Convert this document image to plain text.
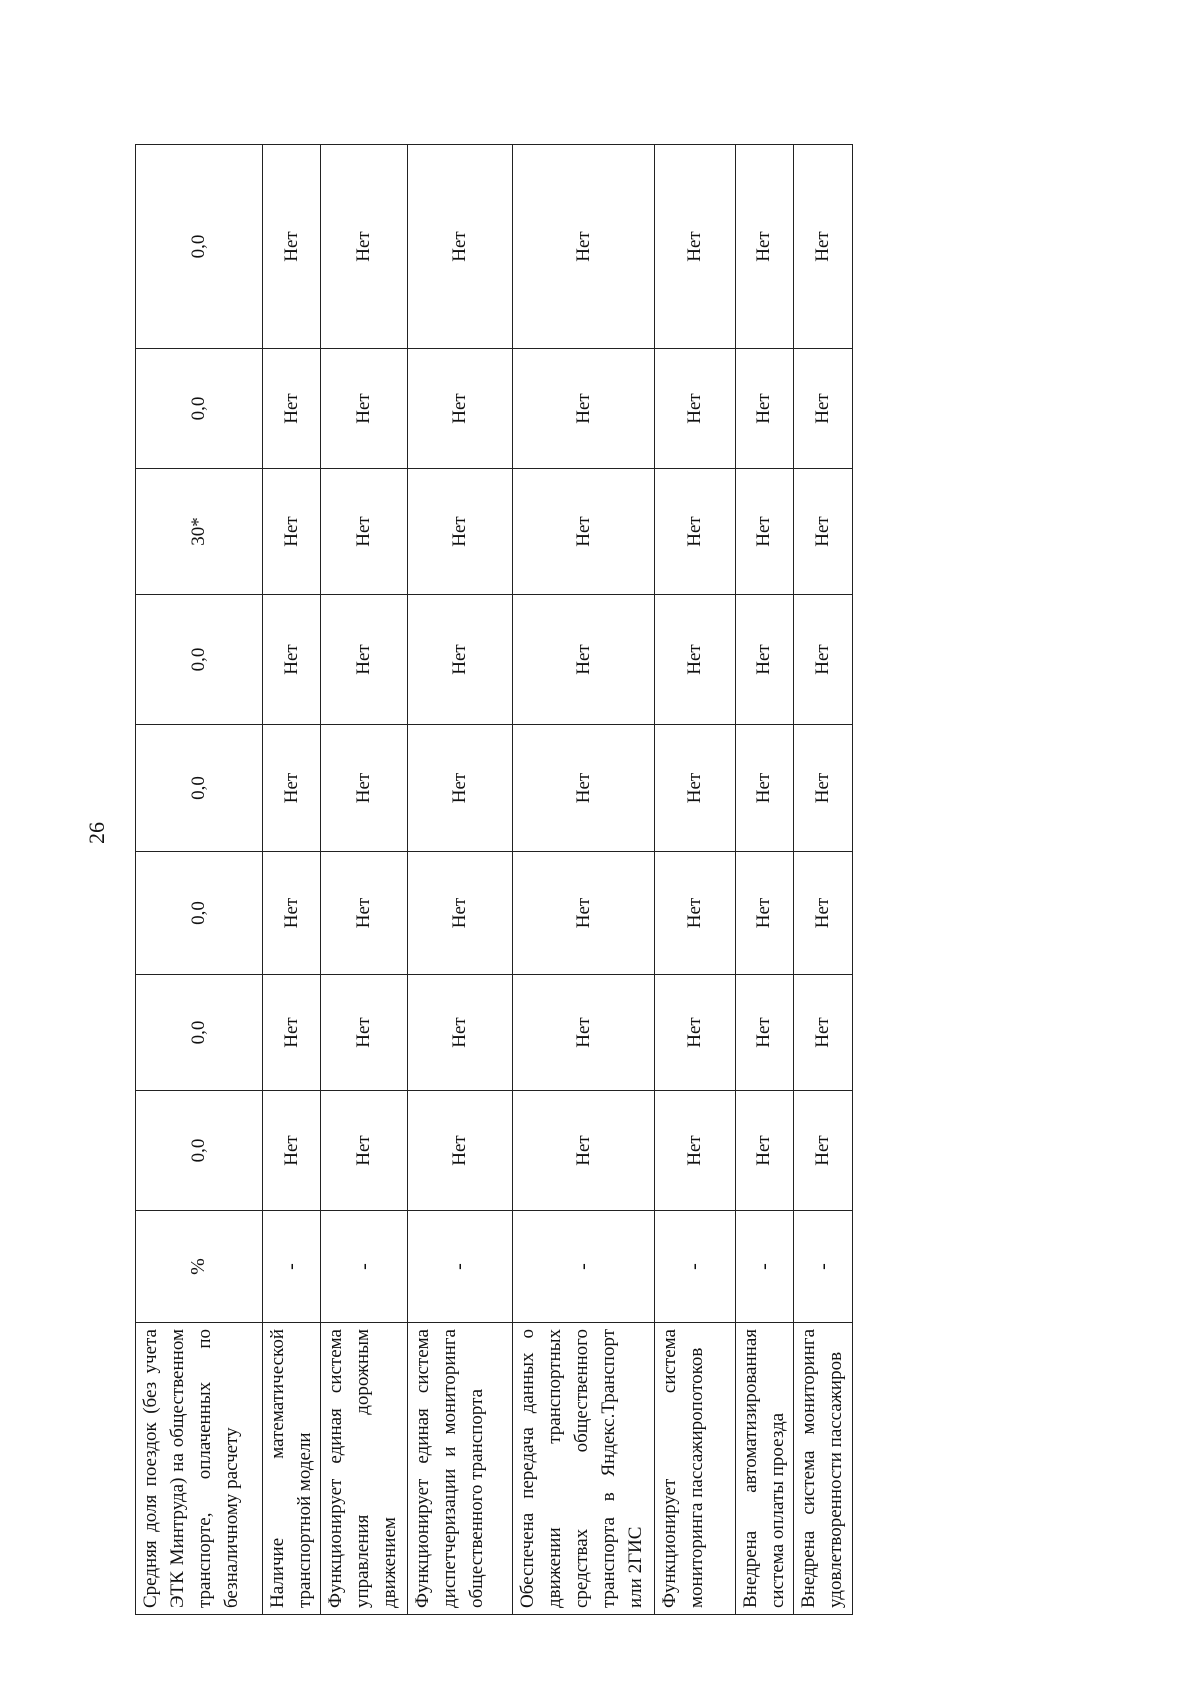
26
Средняя доля поездок (без учета ЭТК Минтруда) на общественном транспорте, оплаченных по безналичному расчету	%	0,0	0,0	0,0	0,0	0,0	30*	0,0	0,0
Наличие математической транспортной модели	-	Нет	Нет	Нет	Нет	Нет	Нет	Нет	Нет
Функционирует единая система управления дорожным движением	-	Нет	Нет	Нет	Нет	Нет	Нет	Нет	Нет
Функционирует единая система диспетчеризации и мониторинга общественного транспорта	-	Нет	Нет	Нет	Нет	Нет	Нет	Нет	Нет
Обеспечена передача данных о движении транспортных средствах общественного транспорта в Яндекс.Транспорт или 2ГИС	-	Нет	Нет	Нет	Нет	Нет	Нет	Нет	Нет
Функционирует система мониторинга пассажиропотоков	-	Нет	Нет	Нет	Нет	Нет	Нет	Нет	Нет
Внедрена автоматизированная система оплаты проезда	-	Нет	Нет	Нет	Нет	Нет	Нет	Нет	Нет
Внедрена система мониторинга удовлетворенности пассажиров	-	Нет	Нет	Нет	Нет	Нет	Нет	Нет	Нет
